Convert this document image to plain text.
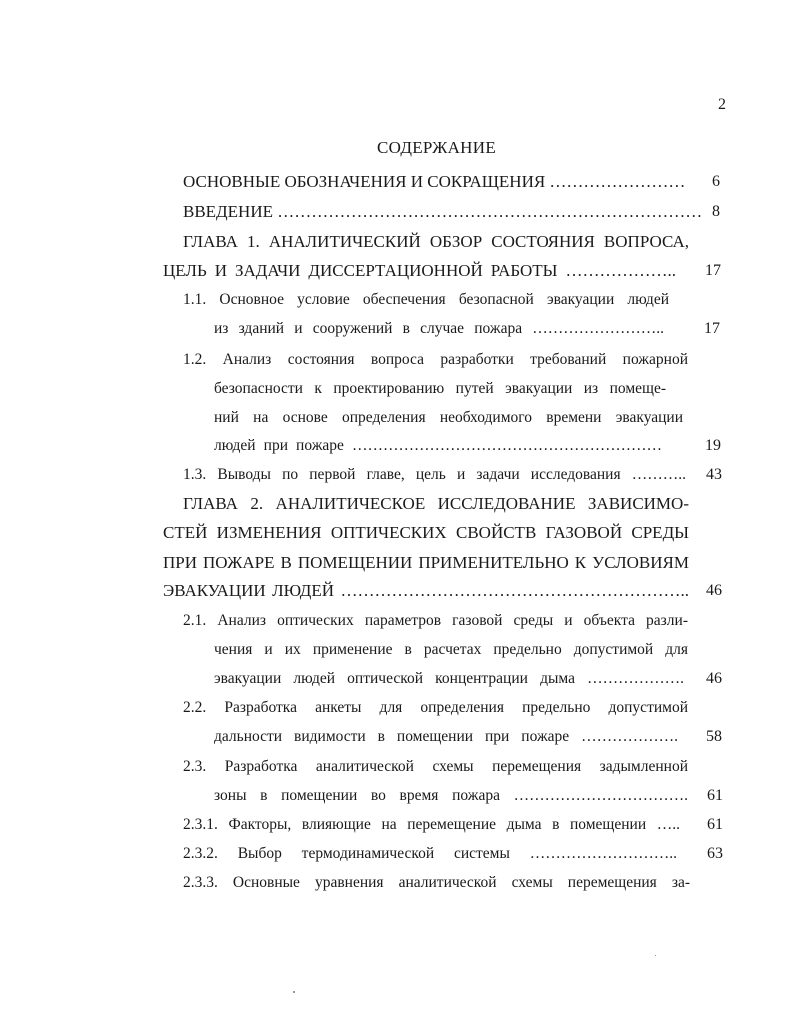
2
СОДЕРЖАНИЕ
ОСНОВНЫЕ ОБОЗНАЧЕНИЯ И СОКРАЩЕНИЯ ……………………	6
ВВЕДЕНИЕ ………………………………………………………………… 8
ГЛАВА 1. АНАЛИТИЧЕСКИЙ ОБЗОР СОСТОЯНИЯ ВОПРОСА,
ЦЕЛЬ И ЗАДАЧИ ДИССЕРТАЦИОННОЙ РАБОТЫ ………………..	17
1.1. Основное условие обеспечения безопасной эвакуации людей
из зданий и сооружений в случае пожара ……………………..	17
1.2. Анализ состояния вопроса разработки требований пожарной
безопасности к проектированию путей эвакуации из помеще-
ний на основе определения необходимого времени эвакуации
людей при пожаре ……………………………………………………	19
1.3. Выводы по первой главе, цель и задачи исследования ………..	43
ГЛАВА 2. АНАЛИТИЧЕСКОЕ ИССЛЕДОВАНИЕ ЗАВИСИМО-
СТЕЙ ИЗМЕНЕНИЯ ОПТИЧЕСКИХ СВОЙСТВ ГАЗОВОЙ СРЕДЫ
ПРИ ПОЖАРЕ В ПОМЕЩЕНИИ ПРИМЕНИТЕЛЬНО К УСЛОВИЯМ
ЭВАКУАЦИИ ЛЮДЕЙ ……………………………………………………..	46
2.1. Анализ оптических параметров газовой среды и объекта разли-
чения и их применение в расчетах предельно допустимой для
эвакуации людей оптической концентрации дыма ……………….	46
2.2. Разработка анкеты для определения предельно допустимой
дальности видимости в помещении при пожаре ……………….	58
2.3. Разработка аналитической схемы перемещения задымленной
зоны в помещении во время пожара …………………………….	61
2.3.1. Факторы, влияющие на перемещение дыма в помещении …..	61
2.3.2. Выбор термодинамической системы ………………………..	63
2.3.3. Основные уравнения аналитической схемы перемещения за-
